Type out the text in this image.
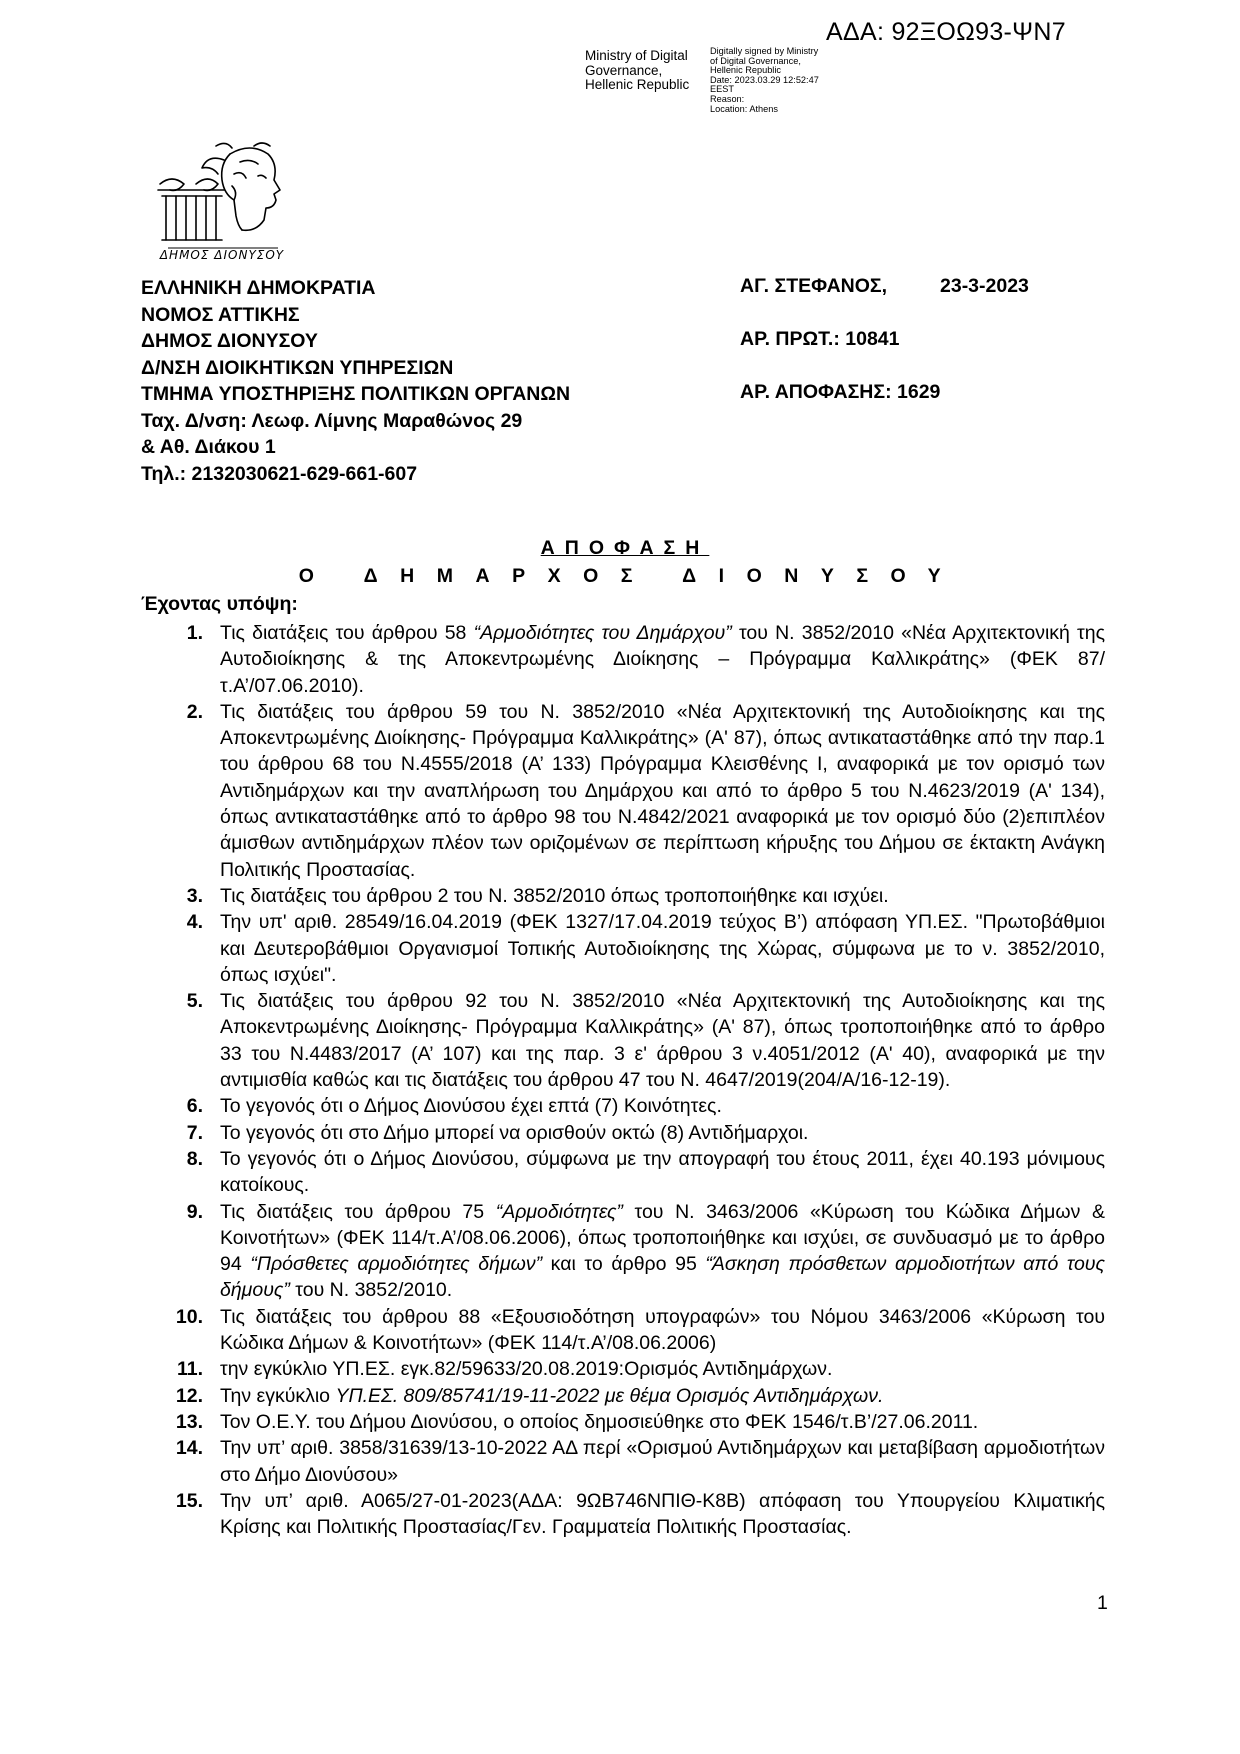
ΑΔΑ: 92ΞΟΩ93-ΨΝ7
Ministry of Digital
Governance,
Hellenic Republic
Digitally signed by Ministry
of Digital Governance,
Hellenic Republic
Date: 2023.03.29 12:52:47
EEST
Reason:
Location: Athens
ΔΗΜΟΣ ΔΙΟΝΥΣΟΥ
ΕΛΛΗΝΙΚΗ ΔΗΜΟΚΡΑΤΙΑ
ΝΟΜΟΣ ΑΤΤΙΚΗΣ
ΔΗΜΟΣ ΔΙΟΝΥΣΟΥ
Δ/ΝΣΗ ΔΙΟΙΚΗΤΙΚΩΝ ΥΠΗΡΕΣΙΩΝ
ΤΜΗΜΑ ΥΠΟΣΤΗΡΙΞΗΣ ΠΟΛΙΤΙΚΩΝ ΟΡΓΑΝΩΝ
Ταχ. Δ/νση: Λεωφ. Λίμνης Μαραθώνος 29
& Αθ. Διάκου 1
Τηλ.: 2132030621-629-661-607
ΑΓ. ΣΤΕΦΑΝΟΣ,	23-3-2023
ΑΡ. ΠΡΩΤ.: 10841
ΑΡ. ΑΠΟΦΑΣΗΣ: 1629
ΑΠΟΦΑΣΗ
Ο ΔΗΜΑΡΧΟΣ ΔΙΟΝΥΣΟΥ
Έχοντας υπόψη:
1. Τις διατάξεις του άρθρου 58 “Αρμοδιότητες του Δημάρχου” του Ν. 3852/2010 «Νέα Αρχιτεκτονική της Αυτοδιοίκησης & της Αποκεντρωμένης Διοίκησης – Πρόγραμμα Καλλικράτης» (ΦΕΚ 87/τ.Α’/07.06.2010).
2. Τις διατάξεις του άρθρου 59 του Ν. 3852/2010 «Νέα Αρχιτεκτονική της Αυτοδιοίκησης και της Αποκεντρωμένης Διοίκησης- Πρόγραμμα Καλλικράτης» (Α' 87), όπως αντικαταστάθηκε από την παρ.1 του άρθρου 68 του Ν.4555/2018 (Α’ 133) Πρόγραμμα Κλεισθένης Ι, αναφορικά με τον ορισμό των Αντιδημάρχων και την αναπλήρωση του Δημάρχου και από το άρθρο 5 του Ν.4623/2019 (Α' 134), όπως αντικαταστάθηκε από το άρθρο 98 του Ν.4842/2021 αναφορικά με τον ορισμό δύο (2)επιπλέον άμισθων αντιδημάρχων πλέον των οριζομένων σε περίπτωση κήρυξης του Δήμου σε έκτακτη Ανάγκη Πολιτικής Προστασίας.
3. Τις διατάξεις του άρθρου 2 του Ν. 3852/2010 όπως τροποποιήθηκε και ισχύει.
4. Την υπ' αριθ. 28549/16.04.2019 (ΦΕΚ 1327/17.04.2019 τεύχος Β’) απόφαση ΥΠ.ΕΣ. "Πρωτοβάθμιοι και Δευτεροβάθμιοι Οργανισμοί Τοπικής Αυτοδιοίκησης της Χώρας, σύμφωνα με το ν. 3852/2010, όπως ισχύει".
5. Τις διατάξεις του άρθρου 92 του Ν. 3852/2010 «Νέα Αρχιτεκτονική της Αυτοδιοίκησης και της Αποκεντρωμένης Διοίκησης- Πρόγραμμα Καλλικράτης» (Α' 87), όπως τροποποιήθηκε από το άρθρο 33 του Ν.4483/2017 (Α’ 107) και της παρ. 3 ε' άρθρου 3 ν.4051/2012 (Α' 40), αναφορικά με την αντιμισθία καθώς και τις διατάξεις του άρθρου 47 του Ν. 4647/2019(204/Α/16-12-19).
6. Το γεγονός ότι ο Δήμος Διονύσου έχει επτά (7) Κοινότητες.
7. Το γεγονός ότι στο Δήμο μπορεί να ορισθούν οκτώ (8) Αντιδήμαρχοι.
8. Το γεγονός ότι ο Δήμος Διονύσου, σύμφωνα με την απογραφή του έτους 2011, έχει 40.193 μόνιμους κατοίκους.
9. Τις διατάξεις του άρθρου 75 “Αρμοδιότητες” του Ν. 3463/2006 «Κύρωση του Κώδικα Δήμων & Κοινοτήτων» (ΦΕΚ 114/τ.Α’/08.06.2006), όπως τροποποιήθηκε και ισχύει, σε συνδυασμό με το άρθρο 94 “Πρόσθετες αρμοδιότητες δήμων” και το άρθρο 95 “Άσκηση πρόσθετων αρμοδιοτήτων από τους δήμους” του Ν. 3852/2010.
10. Τις διατάξεις του άρθρου 88 «Εξουσιοδότηση υπογραφών» του Νόμου 3463/2006 «Κύρωση του Κώδικα Δήμων & Κοινοτήτων» (ΦΕΚ 114/τ.Α’/08.06.2006)
11. την εγκύκλιο ΥΠ.ΕΣ. εγκ.82/59633/20.08.2019:Ορισμός Αντιδημάρχων.
12. Την εγκύκλιο ΥΠ.ΕΣ. 809/85741/19-11-2022 με θέμα Ορισμός Αντιδημάρχων.
13. Τον Ο.Ε.Υ. του Δήμου Διονύσου, ο οποίος δημοσιεύθηκε στο ΦΕΚ 1546/τ.Β’/27.06.2011.
14. Την υπ’ αριθ. 3858/31639/13-10-2022 ΑΔ περί «Ορισμού Αντιδημάρχων και μεταβίβαση αρμοδιοτήτων στο Δήμο Διονύσου»
15. Την υπ’ αριθ. Α065/27-01-2023(ΑΔΑ: 9ΩΒ746ΝΠΙΘ-Κ8Β) απόφαση του Υπουργείου Κλιματικής Κρίσης και Πολιτικής Προστασίας/Γεν. Γραμματεία Πολιτικής Προστασίας.
1
